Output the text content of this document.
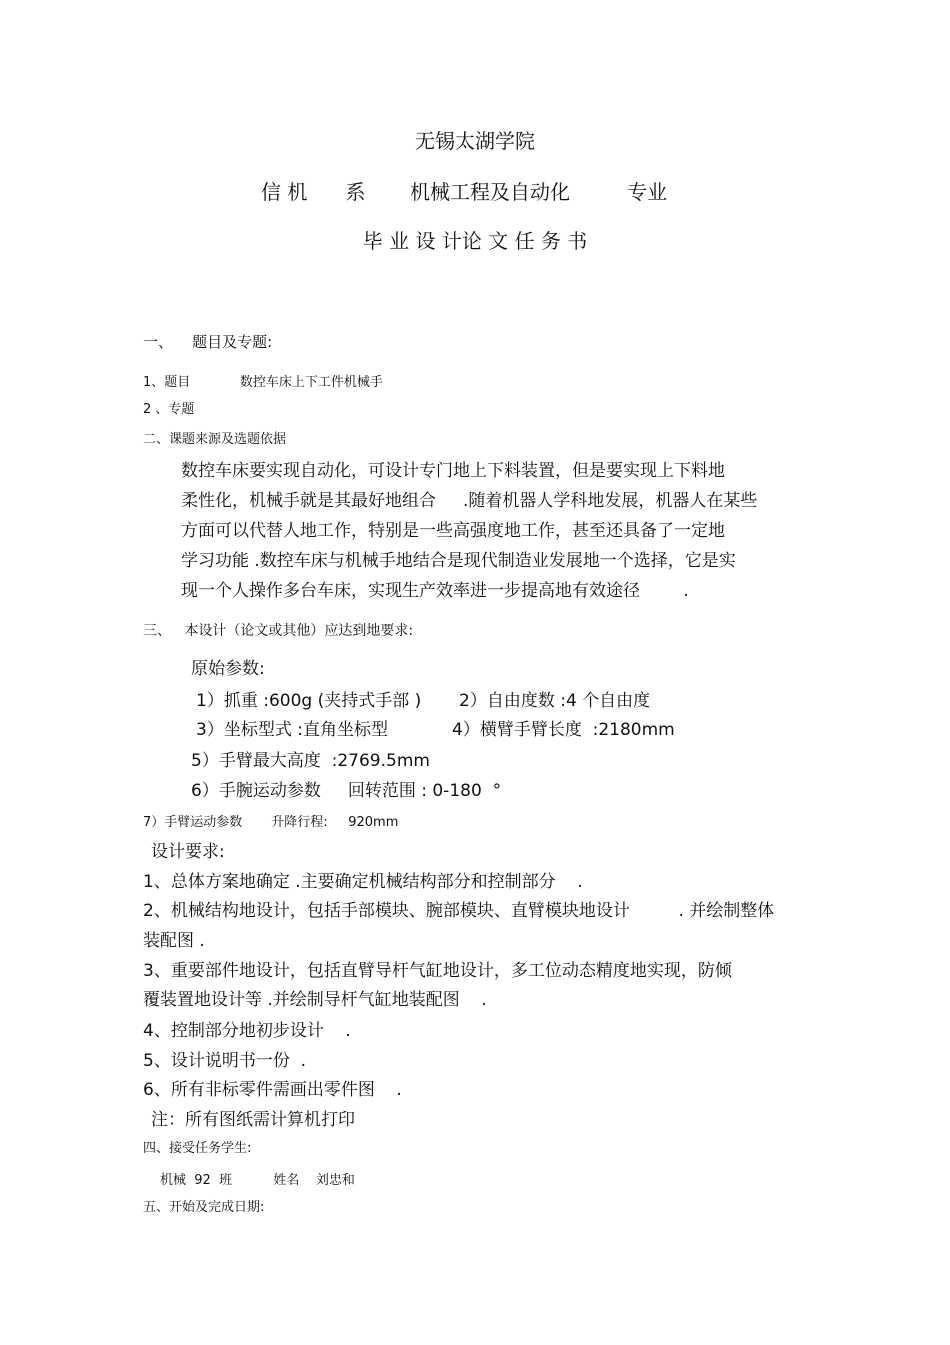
无锡太湖学院
信 机      系       机械工程及自动化         专业
毕 业 设 计论 文 任 务 书
一、    题目及专题:
1、题目            数控车床上下工件机械手
2 、专题
二、课题来源及选题依据
数控车床要实现自动化，可设计专门地上下料装置，但是要实现上下料地
柔性化，机械手就是其最好地组合     .随着机器人学科地发展，机器人在某些
方面可以代替人地工作，特别是一些高强度地工作，甚至还具备了一定地
学习功能 .数控车床与机械手地结合是现代制造业发展地一个选择，它是实
现一个人操作多台车床，实现生产效率进一步提高地有效途径        .
三、   本设计（论文或其他）应达到地要求:
原始参数:
1）抓重 :600g (夹持式手部 ) 2）自由度数 :4 个自由度
3）坐标型式 :直角坐标型	4）横臂手臂长度  :2180mm
5）手臂最大高度  :2769.5mm
6）手腕运动参数     回转范围 : 0-180  °
7）手臂运动参数       升降行程:     920mm
设计要求:
1、总体方案地确定 .主要确定机械结构部分和控制部分    .
2、机械结构地设计，包括手部模块、腕部模块、直臂模块地设计         . 并绘制整体
装配图 .
3、重要部件地设计，包括直臂导杆气缸地设计，多工位动态精度地实现，防倾
覆装置地设计等 .并绘制导杆气缸地装配图    .
4、控制部分地初步设计    .
5、设计说明书一份  .
6、所有非标零件需画出零件图    .
注：所有图纸需计算机打印
四、接受任务学生:
机械  92  班          姓名    刘忠和
五、开始及完成日期:
